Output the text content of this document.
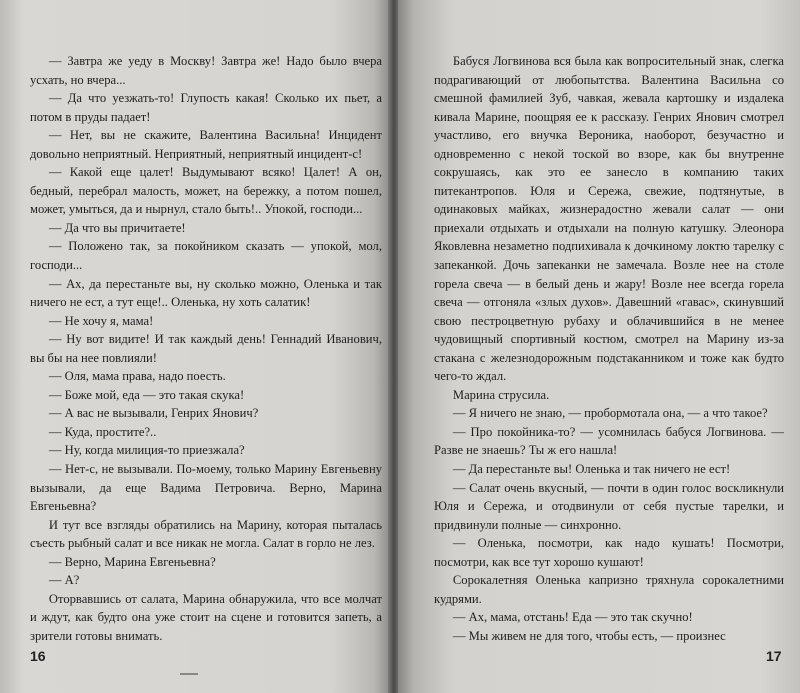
— Завтра же уеду в Москву! Завтра же! Надо было вчера усхать, но вчера...

— Да что уезжать-то! Глупость какая! Сколько их пьет, а потом в пруды падает!

— Нет, вы не скажите, Валентина Васильна! Инцидент довольно неприятный. Неприятный, неприятный инцидент-с!

— Какой еще цалет! Выдумывают всяко! Цалет! А он, бедный, перебрал малость, может, на бережку, а потом пошел, может, умыться, да и нырнул, стало быть!.. Упокой, господи...

— Да что вы причитаете!

— Положено так, за покойником сказать — упокой, мол, господи...

— Ах, да перестаньте вы, ну сколько можно, Оленька и так ничего не ест, а тут еще!.. Оленька, ну хоть салатик!

— Не хочу я, мама!

— Ну вот видите! И так каждый день! Геннадий Иванович, вы бы на нее повлияли!

— Оля, мама права, надо поесть.

— Боже мой, еда — это такая скука!

— А вас не вызывали, Генрих Янович?

— Куда, простите?..

— Ну, когда милиция-то приезжала?

— Нет-с, не вызывали. По-моему, только Марину Евгеньевну вызывали, да еще Вадима Петровича. Верно, Марина Евгеньевна?

И тут все взгляды обратились на Марину, которая пыталась съесть рыбный салат и все никак не могла. Салат в горло не лез.

— Верно, Марина Евгеньевна?

— А?

Оторвавшись от салата, Марина обнаружила, что все молчат и ждут, как будто она уже стоит на сцене и готовится запеть, а зрители готовы внимать.

16

Бабуся Логвинова вся была как вопросительный знак, слегка подрагивающий от любопытства. Валентина Васильна со смешной фамилией Зуб, чавкая, жевала картошку и издалека кивала Марине, поощряя ее к рассказу. Генрих Янович смотрел участливо, его внучка Вероника, наоборот, безучастно и одновременно с некой тоской во взоре, как бы внутренне сокрушаясь, как это ее занесло в компанию таких питекантропов. Юля и Сережа, свежие, подтянутые, в одинаковых майках, жизнерадостно жевали салат — они приехали отдыхать и отдыхали на полную катушку. Элеонора Яковлевна незаметно подпихивала к дочкиному локтю тарелку с запеканкой. Дочь запеканки не замечала. Возле нее на столе горела свеча — в белый день и жару! Возле нее всегда горела свеча — отгоняла «злых духов». Давешний «гавас», скинувший свою пестроцветную рубаху и облачившийся в не менее чудовищный спортивный костюм, смотрел на Марину из-за стакана с железнодорожным подстаканником и тоже как будто чего-то ждал.

Марина струсила.

— Я ничего не знаю, — пробормотала она, — а что такое?

— Про покойника-то? — усомнилась бабуся Логвинова. — Разве не знаешь? Ты ж его нашла!

— Да перестаньте вы! Оленька и так ничего не ест!

— Салат очень вкусный, — почти в один голос воскликнули Юля и Сережа, и отодвинули от себя пустые тарелки, и придвинули полные — синхронно.

— Оленька, посмотри, как надо кушать! Посмотри, посмотри, как все тут хорошо кушают!

Сорокалетняя Оленька капризно тряхнула сорокалетними кудрями.

— Ах, мама, отстань! Еда — это так скучно!

— Мы живем не для того, чтобы есть, — произнес

17
